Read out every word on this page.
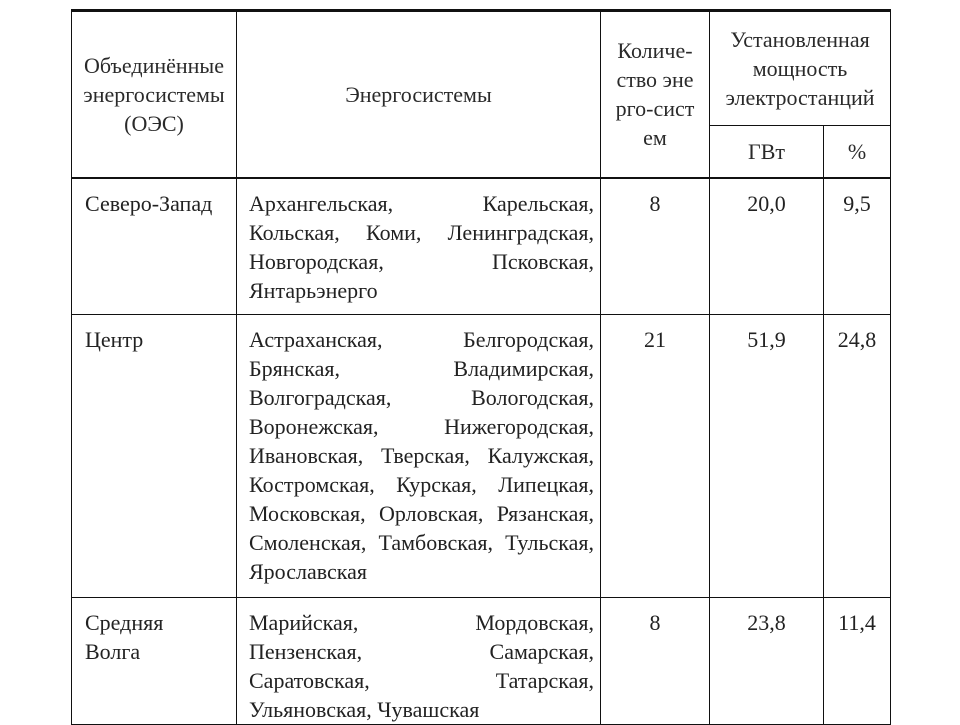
Объединённые энергосистемы (ОЭС)	Энергосистемы	Количе-ство энерго-систем	Установленная мощность электростанций	

			ГВт	%
Северо-Запад	Архангельская, Карельская, Кольская, Коми, Ленинградская, Новгородская, Псковская, Янтарьэнерго	8	20,0	9,5
Центр	Астраханская, Белгородская, Брянская, Владимирская, Волгоградская, Вологодская, Воронежская, Нижегородская, Ивановская, Тверская, Калужская, Костромская, Курская, Липецкая, Московская, Орловская, Рязанская, Смоленская, Тамбовская, Тульская, Ярославская	21	51,9	24,8
Средняя Волга	Марийская, Мордовская, Пензенская, Самарская, Саратовская, Татарская, Ульяновская, Чувашская	8	23,8	11,4
